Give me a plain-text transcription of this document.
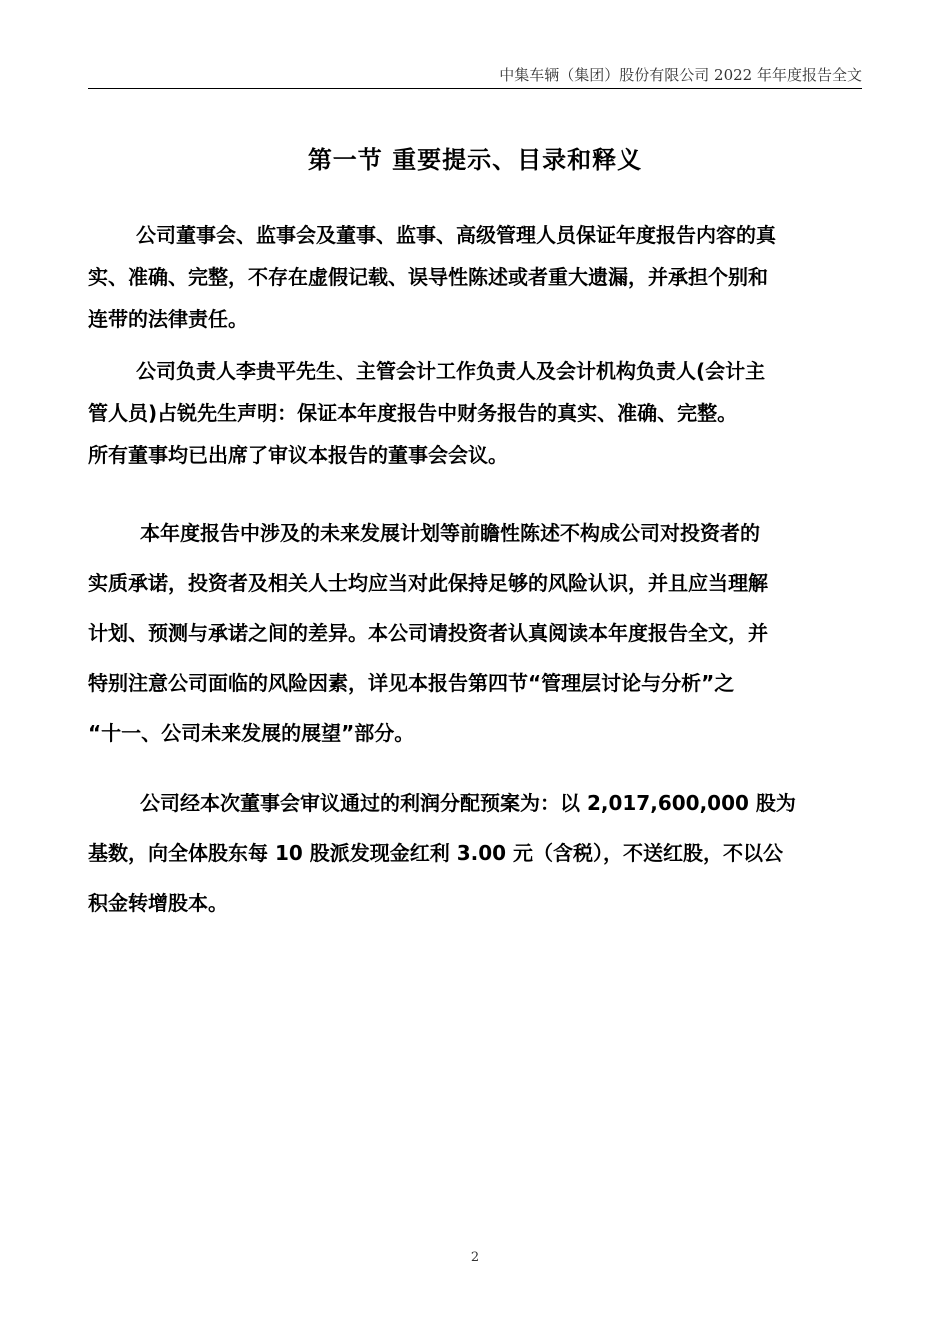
中集车辆（集团）股份有限公司 2022 年年度报告全文
第一节 重要提示、目录和释义
公司董事会、监事会及董事、监事、高级管理人员保证年度报告内容的真
实、准确、完整，不存在虚假记载、误导性陈述或者重大遗漏，并承担个别和
连带的法律责任。
公司负责人李贵平先生、主管会计工作负责人及会计机构负责人(会计主
管人员)占锐先生声明：保证本年度报告中财务报告的真实、准确、完整。
所有董事均已出席了审议本报告的董事会会议。
本年度报告中涉及的未来发展计划等前瞻性陈述不构成公司对投资者的
实质承诺，投资者及相关人士均应当对此保持足够的风险认识，并且应当理解
计划、预测与承诺之间的差异。本公司请投资者认真阅读本年度报告全文，并
特别注意公司面临的风险因素，详见本报告第四节“管理层讨论与分析”之
“十一、公司未来发展的展望”部分。
公司经本次董事会审议通过的利润分配预案为：以 2,017,600,000 股为
基数，向全体股东每 10 股派发现金红利 3.00 元（含税），不送红股，不以公
积金转增股本。
2
